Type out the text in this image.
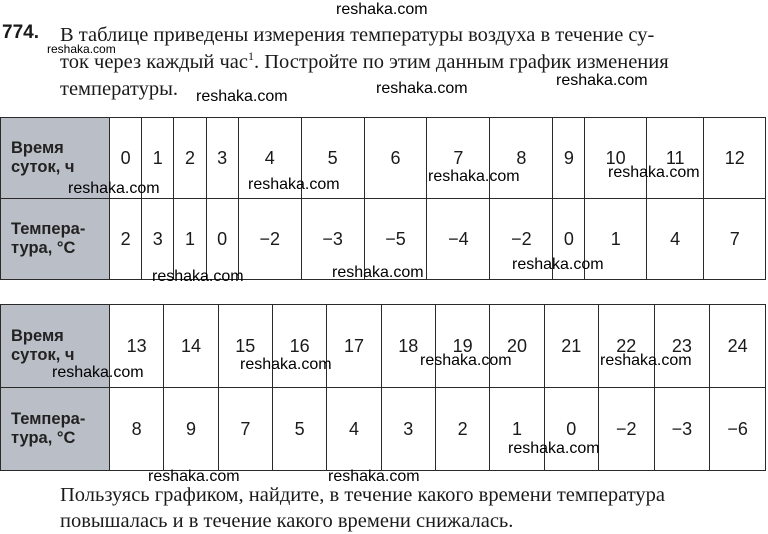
774. В таблице приведены измерения температуры воздуха в течение су-
ток через каждый час$^1$. Постройте по этим данным график изменения
температуры.
Время суток, ч	0	1	2	3	4	5	6	7	8	9	10	11	12
Темпера-тура, °С	2	3	1	0	−2	−3	−5	−4	−2	0	1	4	7
Время суток, ч	13	14	15	16	17	18	19	20	21	22	23	24
Темпера-тура, °С	8	9	7	5	4	3	2	1	0	−2	−3	−6
Пользуясь графиком, найдите, в течение какого времени температура
повышалась и в течение какого времени снижалась.
reshaka.com
reshaka.com
reshaka.com	reshaka.com	reshaka.com
reshaka.com	reshaka.com	reshaka.com	reshaka.com
reshaka.com	reshaka.com	reshaka.com
reshaka.com	reshaka.com	reshaka.com	reshaka.com
reshaka.com
reshaka.com	reshaka.com
